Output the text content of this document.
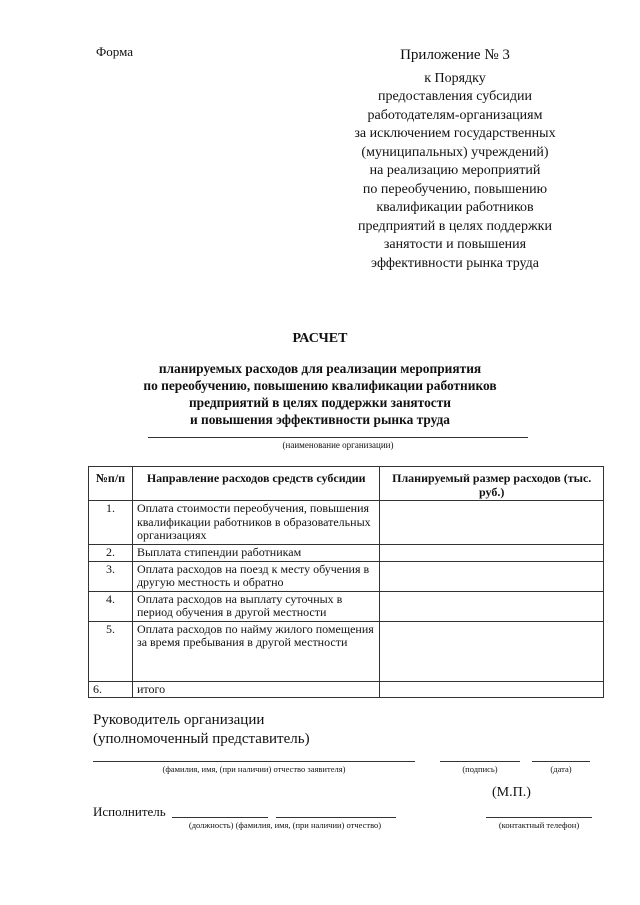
Форма	Приложение № 3
к Порядку
предоставления субсидии
работодателям-организациям
за исключением государственных
(муниципальных) учреждений)
на реализацию мероприятий
по переобучению, повышению
квалификации работников
предприятий в целях поддержки
занятости и повышения
эффективности рынка труда
РАСЧЕТ
планируемых расходов для реализации мероприятия
по переобучению, повышению квалификации работников
предприятий в целях поддержки занятости
и повышения эффективности рынка труда
(наименование организации)
№п/п	Направление расходов средств субсидии	Планируемый размер расходов (тыс. руб.)
1.	Оплата стоимости переобучения, повышения квалификации работников в образовательных организациях	
2.	Выплата стипендии работникам	
3.	Оплата расходов на поезд к месту обучения в другую местность и обратно	
4.	Оплата расходов на выплату суточных в период обучения в другой местности	
5.	Оплата расходов по найму жилого помещения за время пребывания в другой местности	
6.	итого	
Руководитель организации
(уполномоченный представитель)
(фамилия, имя, (при наличии) отчество заявителя)	(подпись)	(дата)
(М.П.)
Исполнитель
(должность) (фамилия, имя, (при наличии) отчество)	(контактный телефон)
